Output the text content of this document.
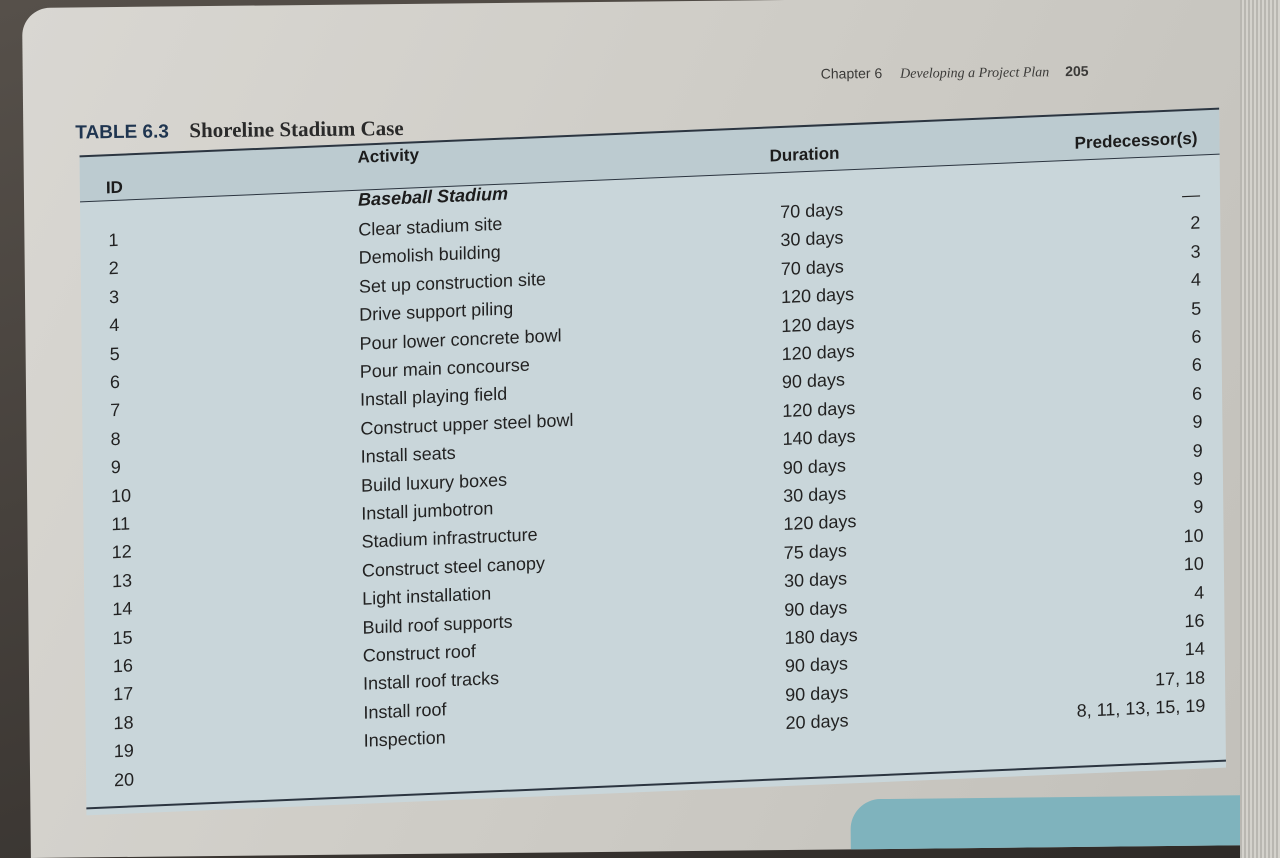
Chapter 6 Developing a Project Plan 205
TABLE 6.3 Shoreline Stadium Case
ID
Activity	Duration
Predecessor(s)
Baseball Stadium
1
Clear stadium site
70 days
—
2
Demolish building
30 days
2
3
Set up construction site
70 days
3
4
Drive support piling
120 days
4
5
Pour lower concrete bowl
120 days
5
6
Pour main concourse
120 days
6
7
Install playing field
90 days
6
8
Construct upper steel bowl
120 days
6
9
Install seats
140 days
9
10
Build luxury boxes
90 days
9
11
Install jumbotron
30 days
9
12
Stadium infrastructure
120 days
9
13
Construct steel canopy
75 days
10
14
Light installation
30 days
10
15
Build roof supports
90 days
4
16
Construct roof
180 days
16
17
Install roof tracks
90 days
14
18
Install roof
90 days
17, 18
19
Inspection
20 days
8, 11, 13, 15, 19
20
